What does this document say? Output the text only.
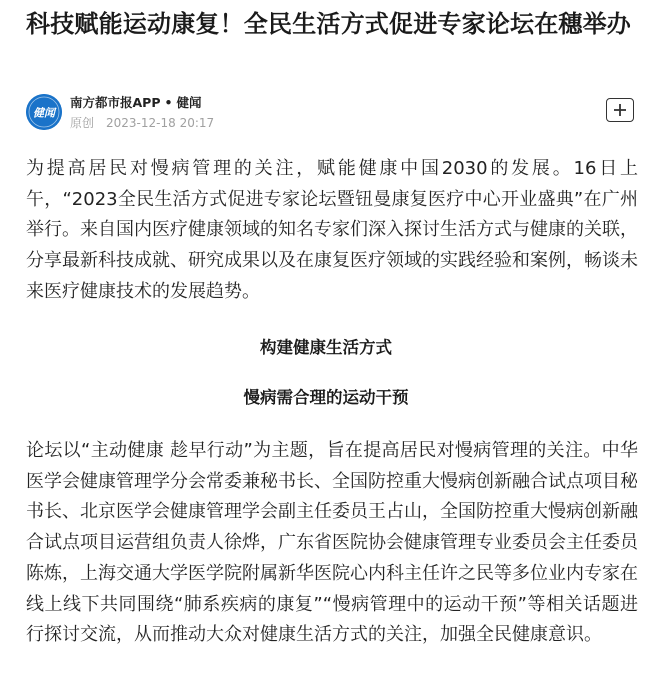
科技赋能运动康复！全民生活方式促进专家论坛在穗举办
健闻
南方都市报APP • 健闻
原创 2023-12-18 20:17

为提高居民对慢病管理的关注，赋能健康中国2030的发展。16日上午，“2023全民生活方式促进专家论坛暨钮曼康复医疗中心开业盛典”在广州举行。来自国内医疗健康领域的知名专家们深入探讨生活方式与健康的关联，分享最新科技成就、研究成果以及在康复医疗领域的实践经验和案例，畅谈未来医疗健康技术的发展趋势。

构建健康生活方式
慢病需合理的运动干预

论坛以“主动健康 趁早行动”为主题，旨在提高居民对慢病管理的关注。中华医学会健康管理学分会常委兼秘书长、全国防控重大慢病创新融合试点项目秘书长、北京医学会健康管理学会副主任委员王占山，全国防控重大慢病创新融合试点项目运营组负责人徐烨，广东省医院协会健康管理专业委员会主任委员陈炼，上海交通大学医学院附属新华医院心内科主任许之民等多位业内专家在线上线下共同围绕“肺系疾病的康复”“慢病管理中的运动干预”等相关话题进行探讨交流，从而推动大众对健康生活方式的关注，加强全民健康意识。
